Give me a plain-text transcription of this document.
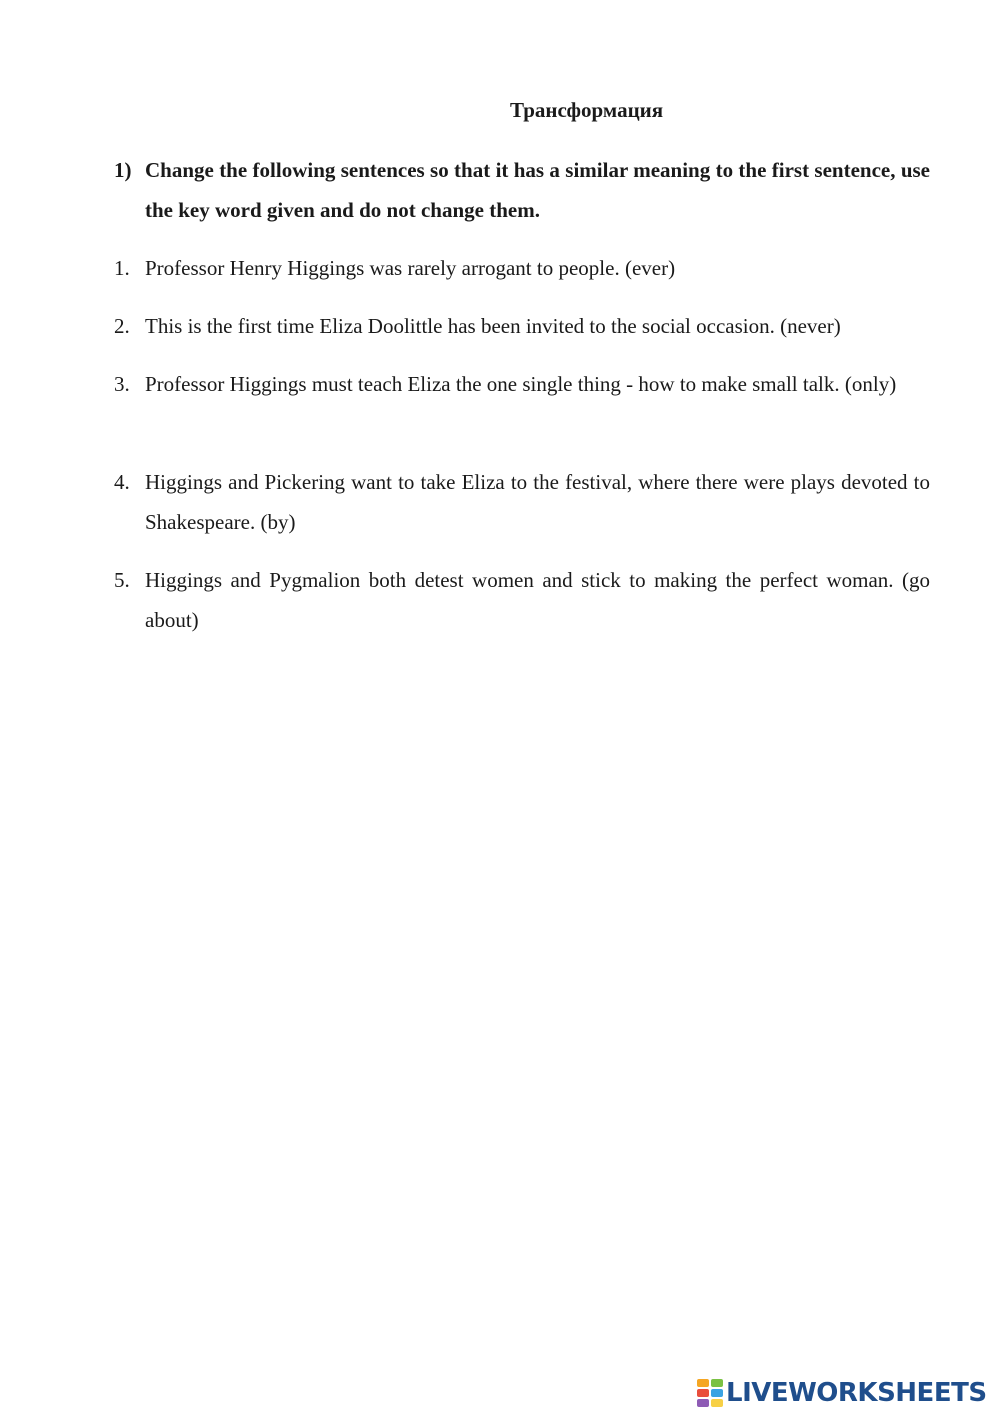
Трансформация
1) Change the following sentences so that it has a similar meaning to the first sentence, use the key word given and do not change them.
1. Professor Henry Higgings was rarely arrogant to people. (ever)
2. This is the first time Eliza Doolittle has been invited to the social occasion. (never)
3. Professor Higgings must teach Eliza the one single thing - how to make small talk. (only)
4. Higgings and Pickering want to take Eliza to the festival, where there were plays devoted to Shakespeare. (by)
5. Higgings and Pygmalion both detest women and stick to making the perfect woman. (go about)
LIVEWORKSHEETS
